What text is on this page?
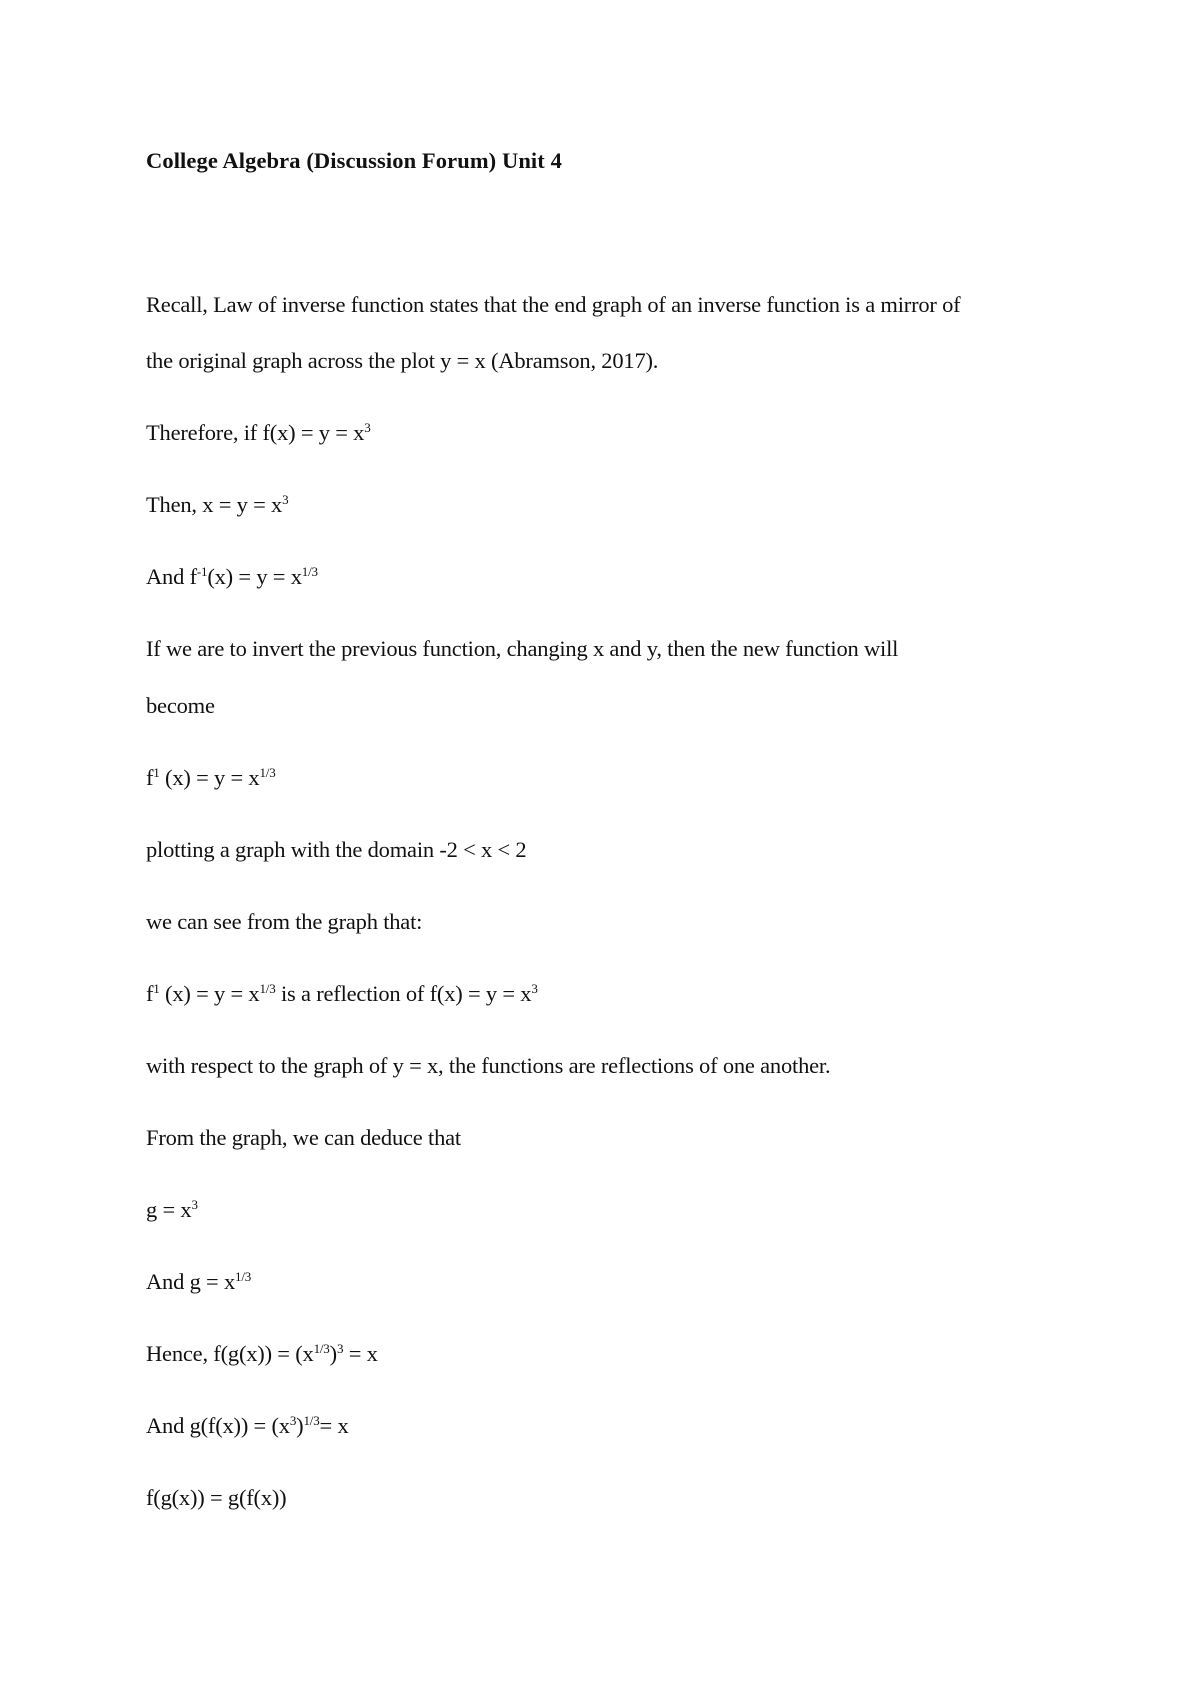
College Algebra (Discussion Forum) Unit 4
Recall, Law of inverse function states that the end graph of an inverse function is a mirror of
the original graph across the plot y = x (Abramson, 2017).
Therefore, if $f(x) = y = x^3$
Then, $x = y = x^3$
And $f^{-1}(x) = y = x^{1/3}$
If we are to invert the previous function, changing x and y, then the new function will
become
$f^1$ $(x) = y = x^{1/3}$
plotting a graph with the domain -2 < x < 2
we can see from the graph that:
$f^1$ $(x) = y = x^{1/3}$ is a reflection of $f(x) = y = x^3$
with respect to the graph of y = x, the functions are reflections of one another.
From the graph, we can deduce that
$g = x^3$
And $g = x^{1/3}$
Hence, $f(g(x)) = (x^{1/3})^3 = x$
And $g(f(x)) = (x^3)^{1/3}= x$
f(g(x)) = g(f(x))
